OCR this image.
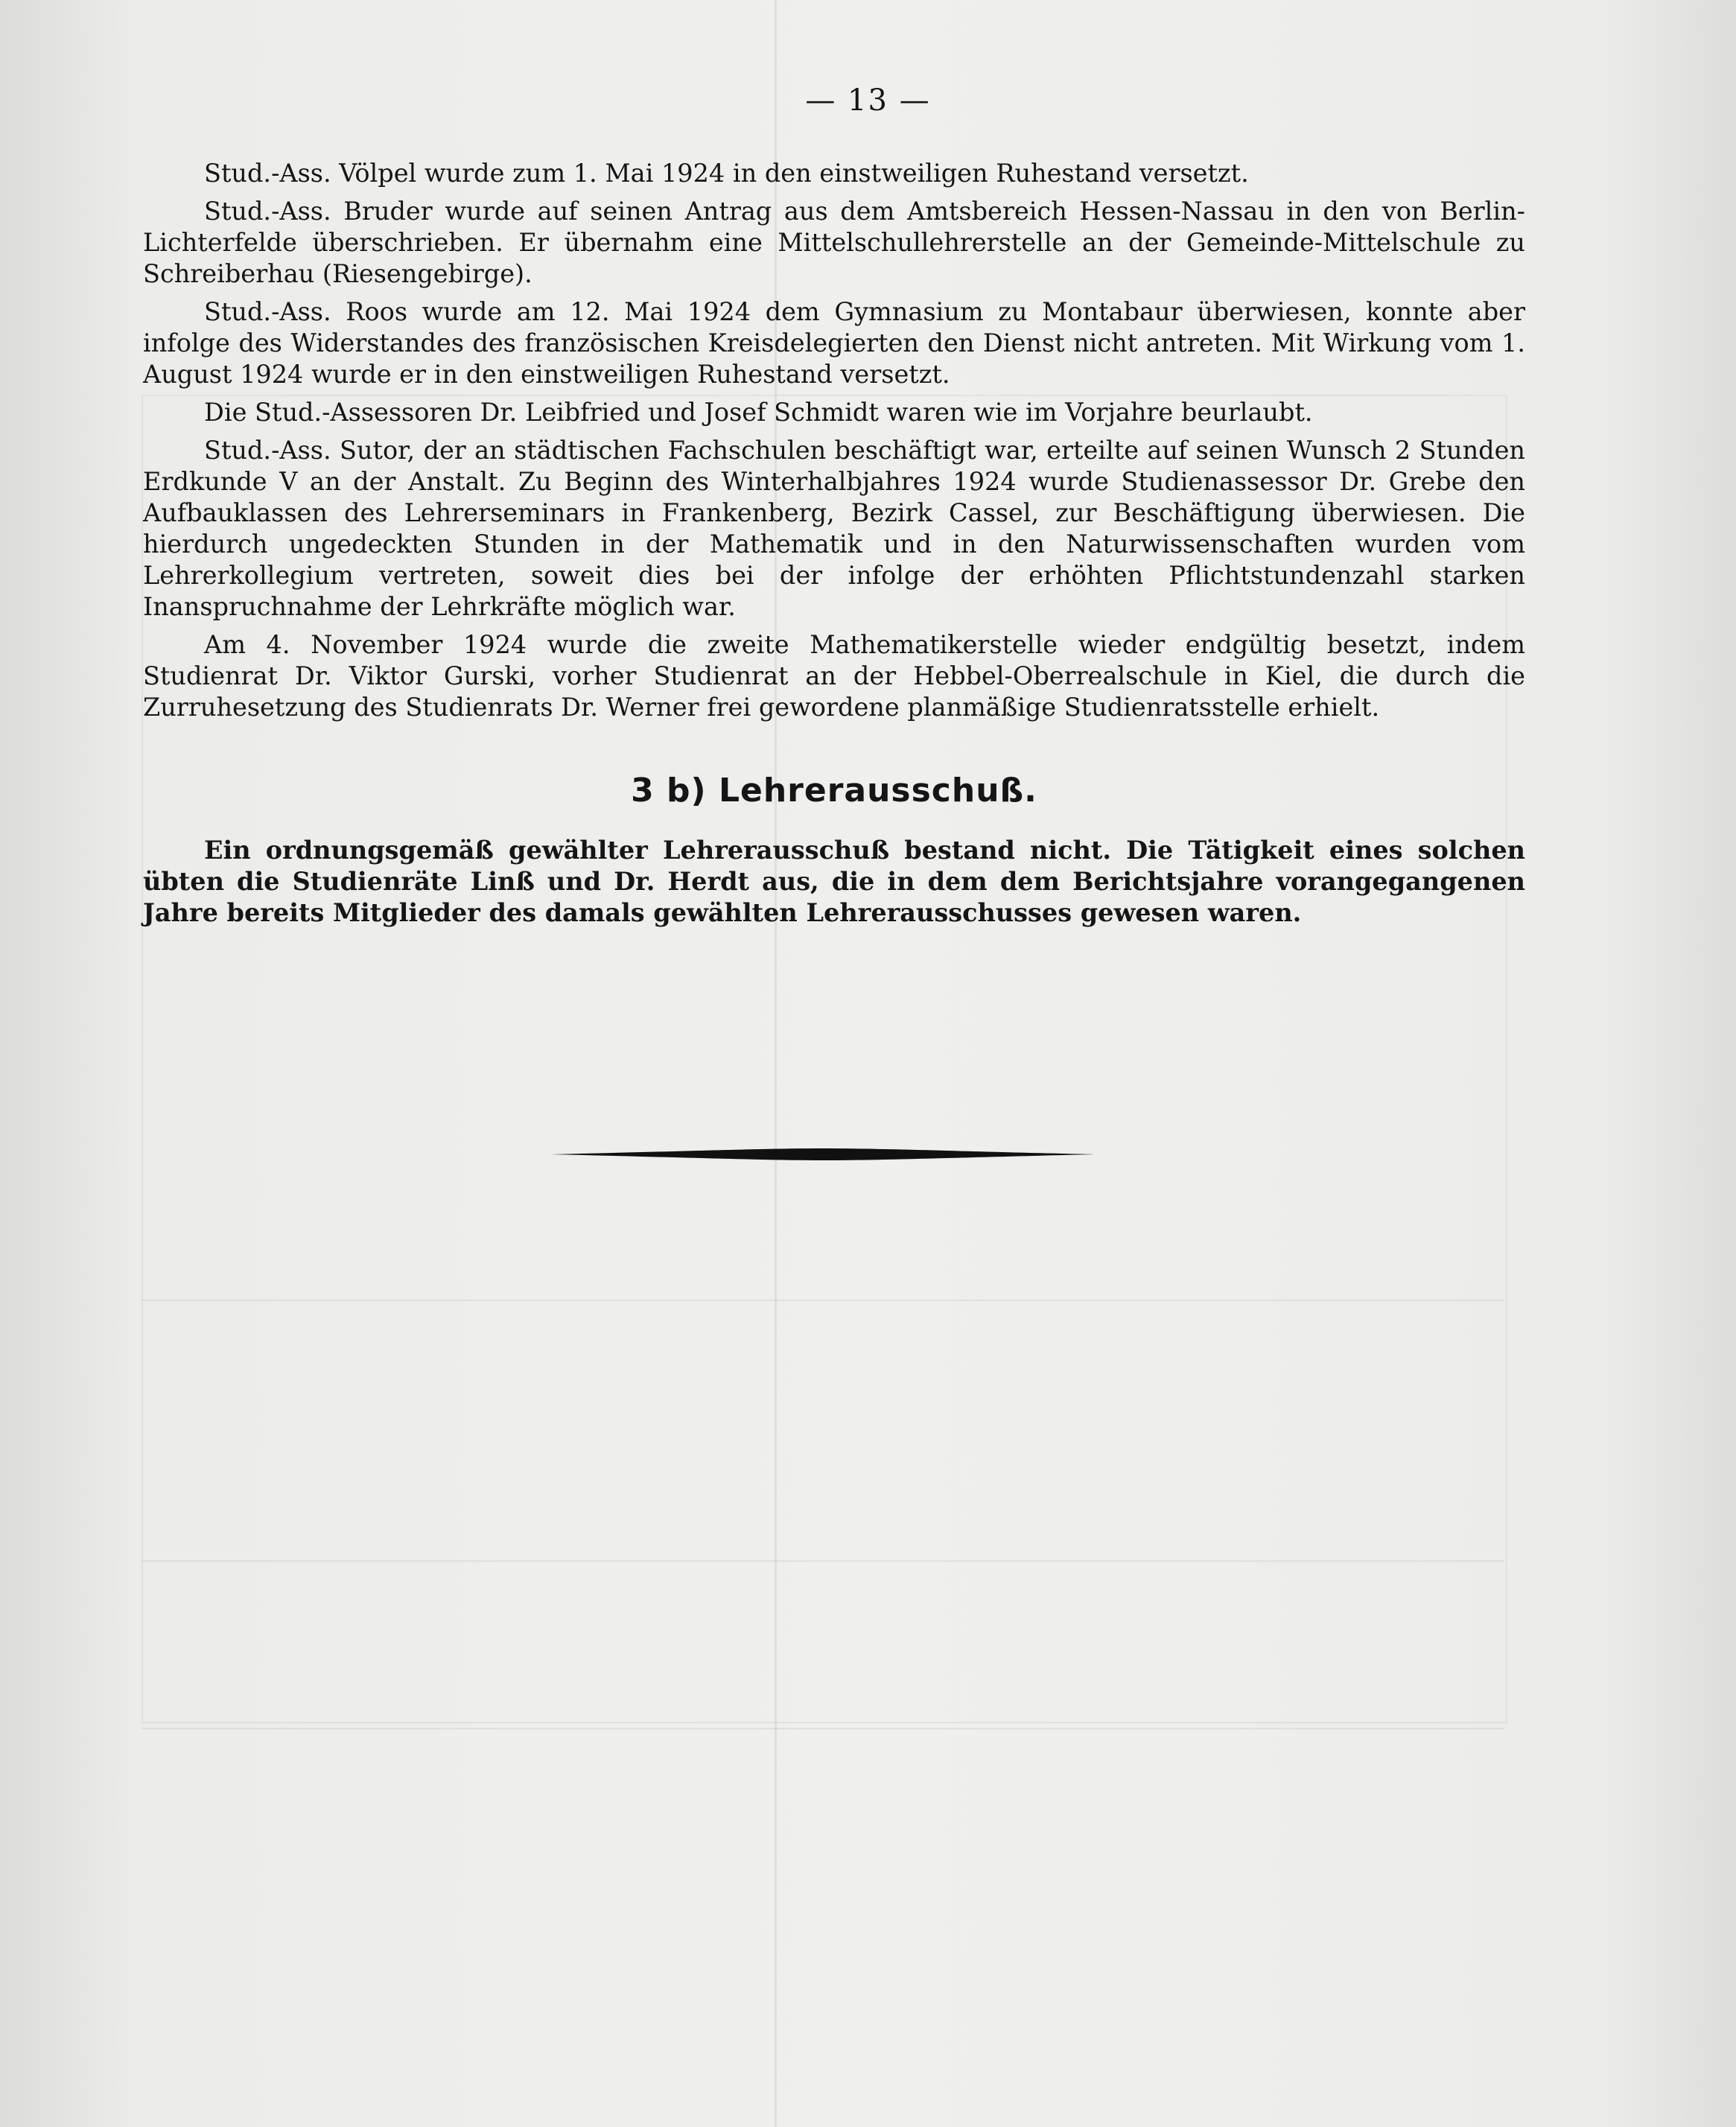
— 13 —

Stud.-Ass. Völpel wurde zum 1. Mai 1924 in den einstweiligen Ruhestand versetzt.

Stud.-Ass. Bruder wurde auf seinen Antrag aus dem Amtsbereich Hessen-Nassau in den von Berlin-Lichterfelde überschrieben. Er übernahm eine Mittelschullehrerstelle an der Gemeinde-Mittelschule zu Schreiberhau (Riesengebirge).

Stud.-Ass. Roos wurde am 12. Mai 1924 dem Gymnasium zu Montabaur überwiesen, konnte aber infolge des Widerstandes des französischen Kreisdelegierten den Dienst nicht antreten. Mit Wirkung vom 1. August 1924 wurde er in den einstweiligen Ruhestand versetzt.

Die Stud.-Assessoren Dr. Leibfried und Josef Schmidt waren wie im Vorjahre beurlaubt.

Stud.-Ass. Sutor, der an städtischen Fachschulen beschäftigt war, erteilte auf seinen Wunsch 2 Stunden Erdkunde V an der Anstalt. Zu Beginn des Winterhalbjahres 1924 wurde Studienassessor Dr. Grebe den Aufbauklassen des Lehrerseminars in Frankenberg, Bezirk Cassel, zur Beschäftigung überwiesen. Die hierdurch ungedeckten Stunden in der Mathematik und in den Naturwissenschaften wurden vom Lehrerkollegium vertreten, soweit dies bei der infolge der erhöhten Pflichtstundenzahl starken Inanspruchnahme der Lehrkräfte möglich war.

Am 4. November 1924 wurde die zweite Mathematikerstelle wieder endgültig besetzt, indem Studienrat Dr. Viktor Gurski, vorher Studienrat an der Hebbel-Oberrealschule in Kiel, die durch die Zurruhesetzung des Studienrats Dr. Werner frei gewordene planmäßige Studienratsstelle erhielt.

3 b) Lehrerausschuß.

Ein ordnungsgemäß gewählter Lehrerausschuß bestand nicht. Die Tätigkeit eines solchen übten die Studienräte Linß und Dr. Herdt aus, die in dem dem Berichtsjahre vorangegangenen Jahre bereits Mitglieder des damals gewählten Lehrerausschusses gewesen waren.
